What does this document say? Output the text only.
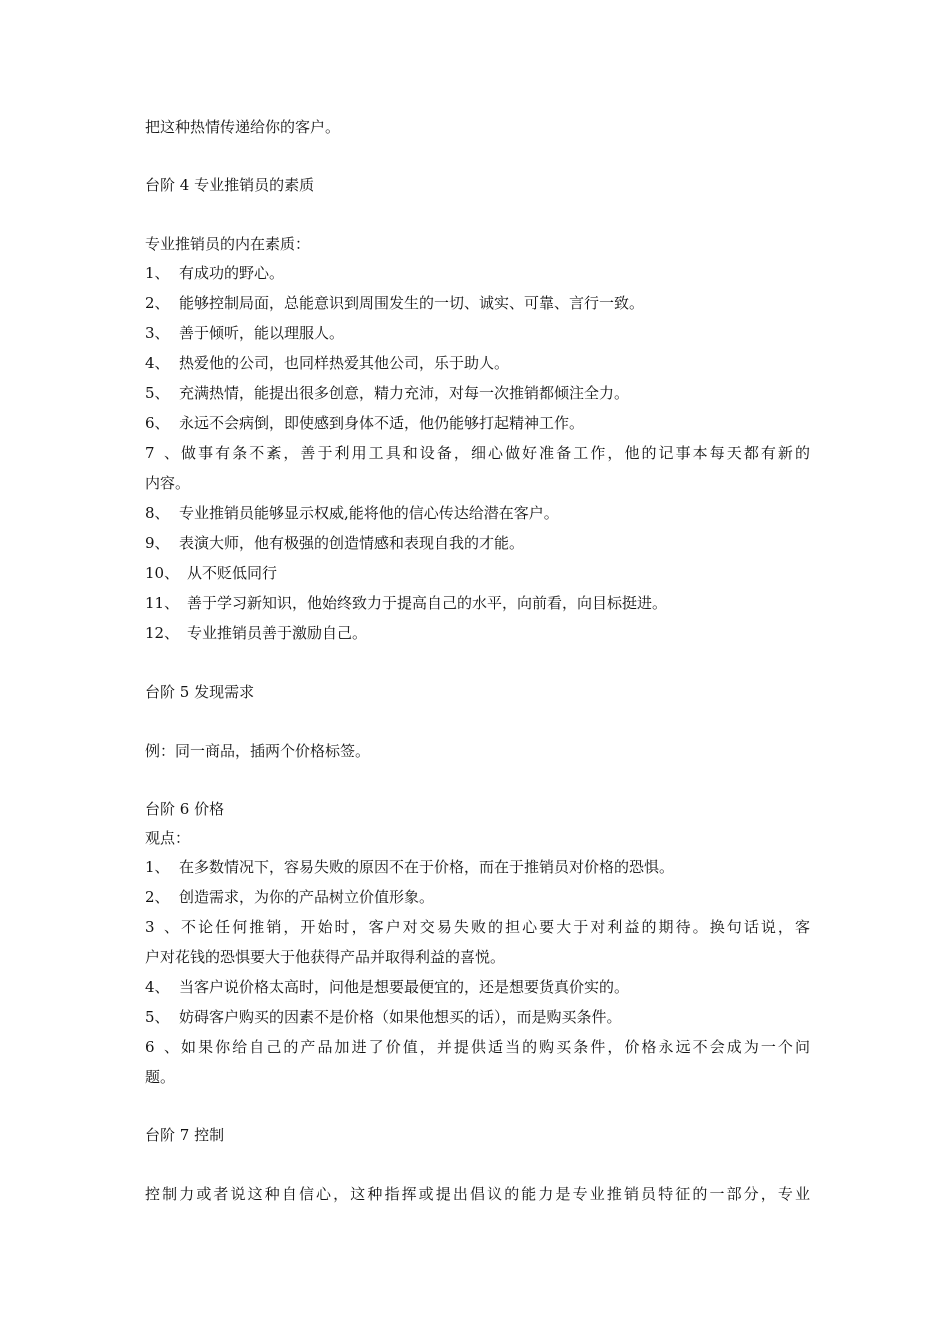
把这种热情传递给你的客户。
台阶 4 专业推销员的素质
专业推销员的内在素质：
1、 有成功的野心。
2、 能够控制局面，总能意识到周围发生的一切、诚实、可靠、言行一致。
3、 善于倾听，能以理服人。
4、 热爱他的公司，也同样热爱其他公司，乐于助人。
5、 充满热情，能提出很多创意，精力充沛，对每一次推销都倾注全力。
6、 永远不会病倒，即使感到身体不适，他仍能够打起精神工作。
7、做事有条不紊，善于利用工具和设备，细心做好准备工作，他的记事本每天都有新的
内容。
8、 专业推销员能够显示权威,能将他的信心传达给潜在客户。
9、 表演大师，他有极强的创造情感和表现自我的才能。
10、 从不贬低同行
11、 善于学习新知识，他始终致力于提高自己的水平，向前看，向目标挺进。
12、 专业推销员善于激励自己。
台阶 5 发现需求
例：同一商品，插两个价格标签。
台阶 6 价格
观点：
1、 在多数情况下，容易失败的原因不在于价格，而在于推销员对价格的恐惧。
2、 创造需求，为你的产品树立价值形象。
3、不论任何推销，开始时，客户对交易失败的担心要大于对利益的期待。换句话说，客
户对花钱的恐惧要大于他获得产品并取得利益的喜悦。
4、 当客户说价格太高时，问他是想要最便宜的，还是想要货真价实的。
5、 妨碍客户购买的因素不是价格（如果他想买的话），而是购买条件。
6、如果你给自己的产品加进了价值，并提供适当的购买条件，价格永远不会成为一个问
题。
台阶 7 控制
控制力或者说这种自信心，这种指挥或提出倡议的能力是专业推销员特征的一部分，专业
